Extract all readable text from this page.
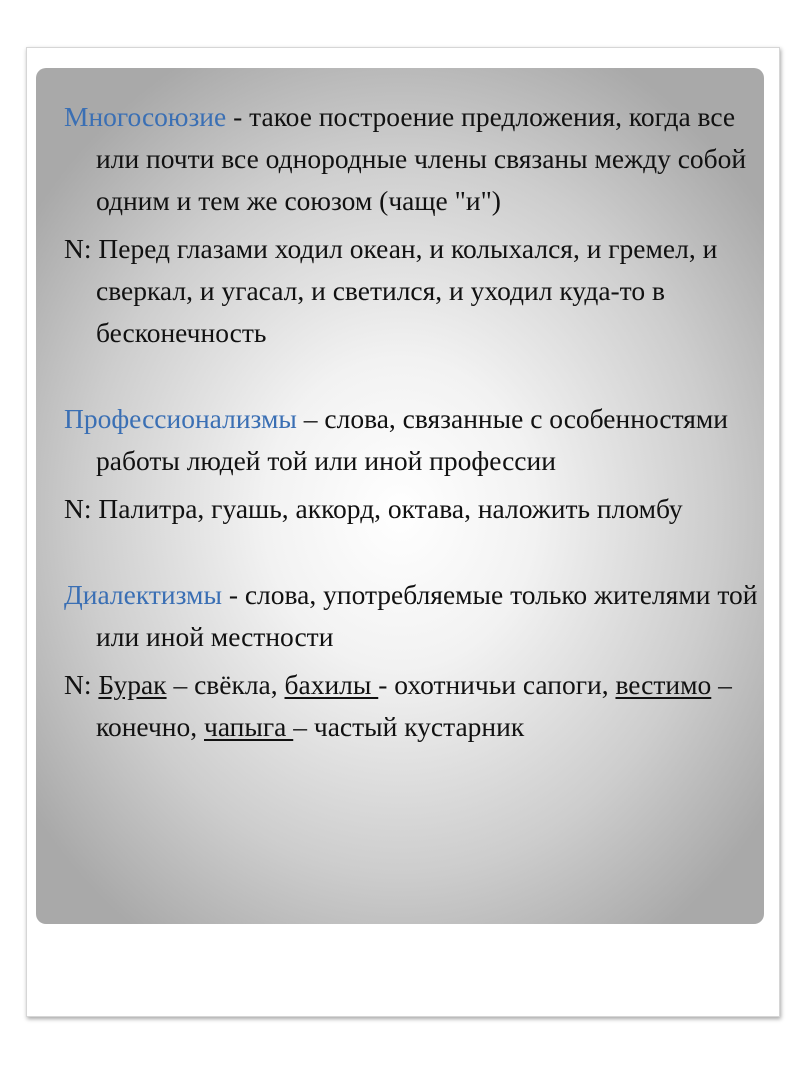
Многосоюзие - такое построение предложения, когда все или почти все однородные члены связаны между собой одним и тем же союзом (чаще "и")

N: Перед глазами ходил океан, и колыхался, и гремел, и сверкал, и угасал, и светился, и уходил куда-то в бесконечность

Профессионализмы – слова, связанные с особенностями работы людей той или иной профессии

N: Палитра, гуашь, аккорд, октава, наложить пломбу

Диалектизмы - слова, употребляемые только жителями той или иной местности

N: Бурак – свёкла, бахилы - охотничьи сапоги, вестимо – конечно, чапыга – частый кустарник
